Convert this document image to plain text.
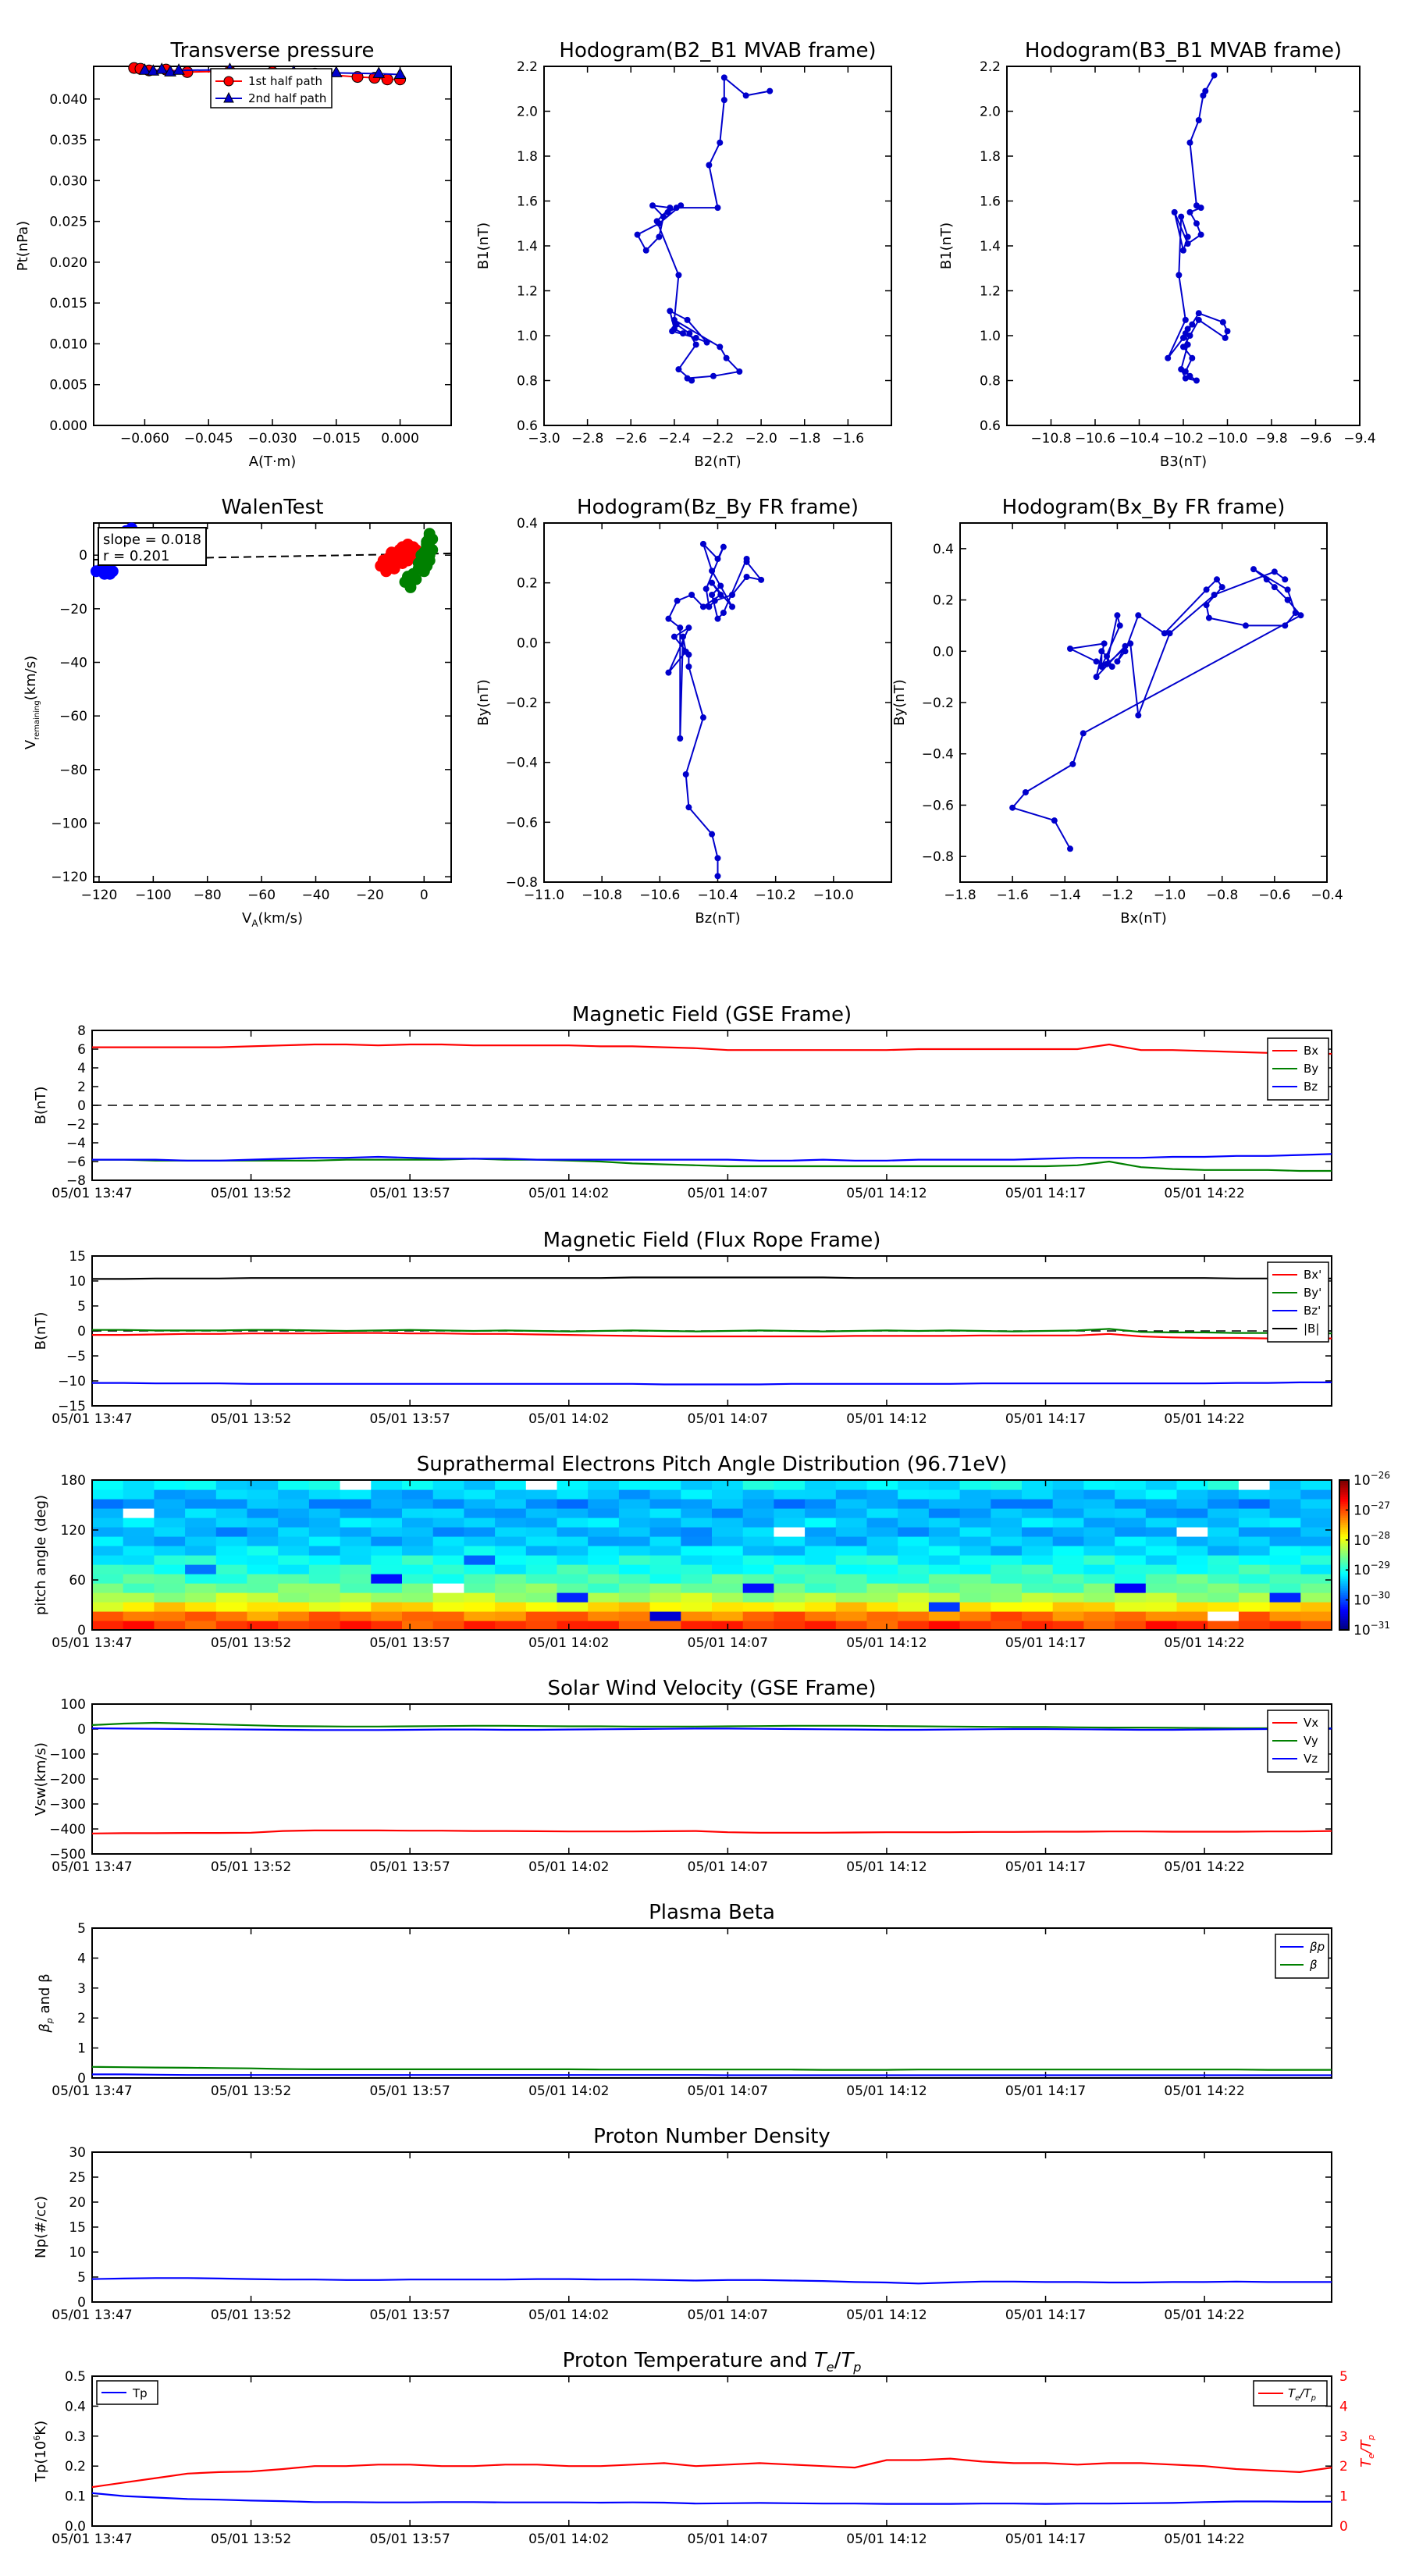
0.000
0.005
0.010
0.015
0.020
0.025
0.030
0.035
0.040
−0.060 −0.045 −0.030 −0.015 0.000
Transverse pressure
A(T·m)
Pt(nPa)
1st half path
2nd half path
0.6
0.8
1.0
1.2
1.4
1.6
1.8
2.0
2.2
−3.0 −2.8 −2.6 −2.4 −2.2 −2.0 −1.8 −1.6
Hodogram(B2_B1 MVAB frame)
B2(nT)
B1(nT)
0.6
0.8
1.0
1.2
1.4
1.6
1.8
2.0
2.2
−10.8 −10.6 −10.4 −10.2 −10.0 −9.8 −9.6 −9.4
Hodogram(B3_B1 MVAB frame)
B3(nT)
B1(nT)
−120
−100
−80
−60
−40
−20
0
−120 −100 −80 −60 −40 −20	0
WalenTest
slope = 0.018
r = 0.201
$V_A(km/s)$
$V_{remaining}(km/s)$
−0.8
−0.6
−0.4
−0.2
0.0
0.2
0.4
−11.0 −10.8 −10.6 −10.4 −10.2 −10.0
Hodogram(Bz_By FR frame)
Bz(nT)
By(nT)
−0.8
−0.6
−0.4
−0.2
0.0
0.2
0.4
−1.8 −1.6 −1.4 −1.2 −1.0 −0.8 −0.6 −0.4
Hodogram(Bx_By FR frame)
Bx(nT)
By(nT)
−8
−6
−4
−2
0
2
4
6
8
05/01 13:47	05/01 13:52	05/01 13:57	05/01 14:02	05/01 14:07	05/01 14:12	05/01 14:17	05/01 14:22
Magnetic Field (GSE Frame)
B(nT)
Bx
By
Bz
−15
−10
−5
0
5
10
15
05/01 13:47	05/01 13:52	05/01 13:57	05/01 14:02	05/01 14:07	05/01 14:12	05/01 14:17	05/01 14:22
Magnetic Field (Flux Rope Frame)
B(nT)
Bx'
By'
Bz'
|B|
0
60
120
180
05/01 13:47	05/01 13:52	05/01 13:57	05/01 14:02	05/01 14:07	05/01 14:12	05/01 14:17	05/01 14:22
Suprathermal Electrons Pitch Angle Distribution (96.71eV)
pitch angle (deg)
$10^{-26}$
$10^{-27}$
$10^{-28}$
$10^{-29}$
$10^{-30}$
$10^{-31}$
−500
−400
−300
−200
−100
0
100
05/01 13:47	05/01 13:52	05/01 13:57	05/01 14:02	05/01 14:07	05/01 14:12	05/01 14:17	05/01 14:22
Solar Wind Velocity (GSE Frame)
Vsw(km/s)
Vx
Vy
Vz
0
1
2
3
4
5
05/01 13:47	05/01 13:52	05/01 13:57	05/01 14:02	05/01 14:07	05/01 14:12	05/01 14:17	05/01 14:22
Plasma Beta
βp
β
$\beta_p$ and β
0
5
10
15
20
25
30
05/01 13:47	05/01 13:52	05/01 13:57	05/01 14:02	05/01 14:07	05/01 14:12	05/01 14:17	05/01 14:22
Proton Number Density
Np(#/cc)
0.0
0.1
0.2
0.3
0.4
0.5
05/01 13:47	05/01 13:52	05/01 13:57	05/01 14:02	05/01 14:07	05/01 14:12	05/01 14:17	05/01 14:22
0
1
2
3
4
5
Proton Temperature and $T_e/T_p$
$Tp(10^6K)$
$T_e/T_p$
Tp	$T_e/T_p$
